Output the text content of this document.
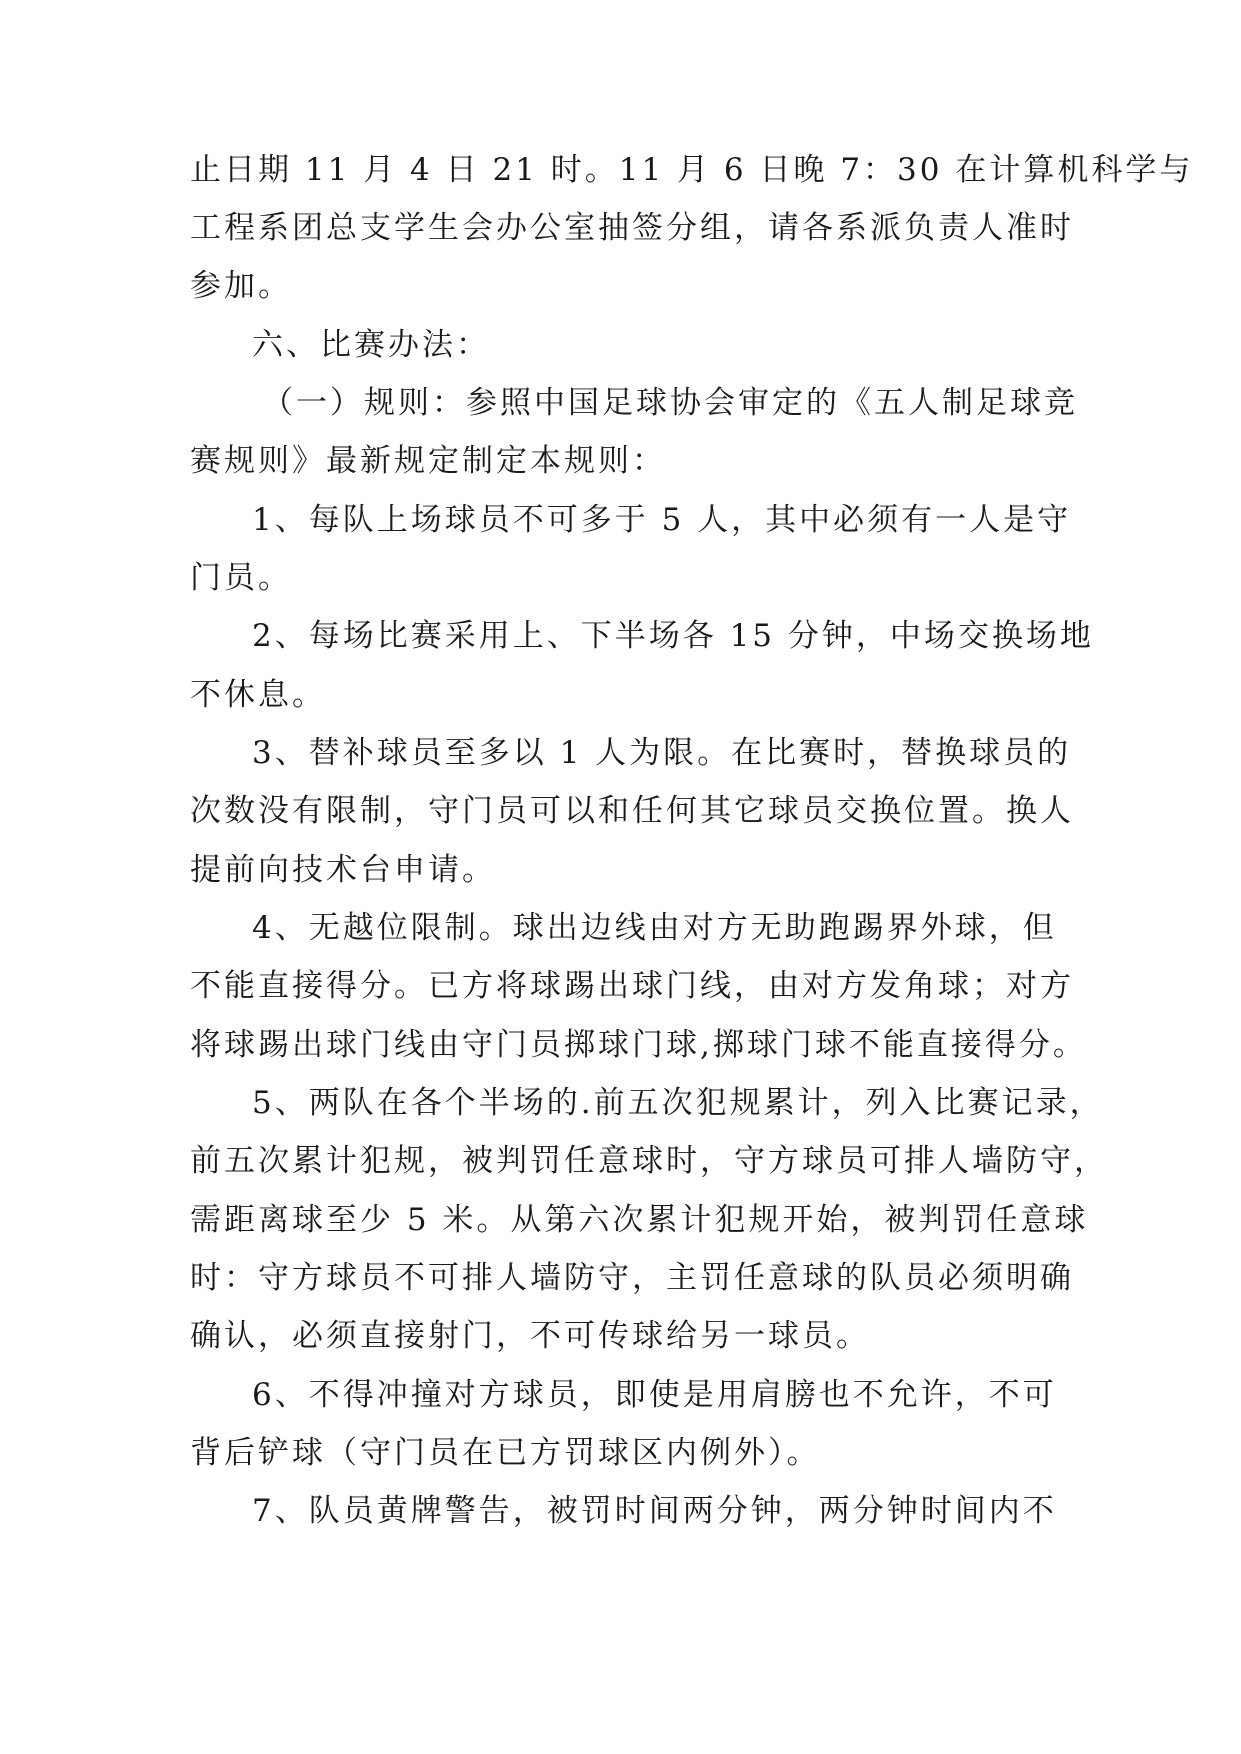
止日期 11 月 4 日 21 时。11 月 6 日晚 7：30 在计算机科学与
工程系团总支学生会办公室抽签分组，请各系派负责人准时
参加。
六、比赛办法：
（一）规则：参照中国足球协会审定的《五人制足球竞
赛规则》最新规定制定本规则：
1、每队上场球员不可多于 5 人，其中必须有一人是守
门员。
2、每场比赛采用上、下半场各 15 分钟，中场交换场地
不休息。
3、替补球员至多以 1 人为限。在比赛时，替换球员的
次数没有限制，守门员可以和任何其它球员交换位置。换人
提前向技术台申请。
4、无越位限制。球出边线由对方无助跑踢界外球，但
不能直接得分。已方将球踢出球门线，由对方发角球；对方
将球踢出球门线由守门员掷球门球,掷球门球不能直接得分。
5、两队在各个半场的.前五次犯规累计，列入比赛记录，
前五次累计犯规，被判罚任意球时，守方球员可排人墙防守，
需距离球至少 5 米。从第六次累计犯规开始，被判罚任意球
时：守方球员不可排人墙防守，主罚任意球的队员必须明确
确认，必须直接射门，不可传球给另一球员。
6、不得冲撞对方球员，即使是用肩膀也不允许，不可
背后铲球（守门员在已方罚球区内例外）。
7、队员黄牌警告，被罚时间两分钟，两分钟时间内不
